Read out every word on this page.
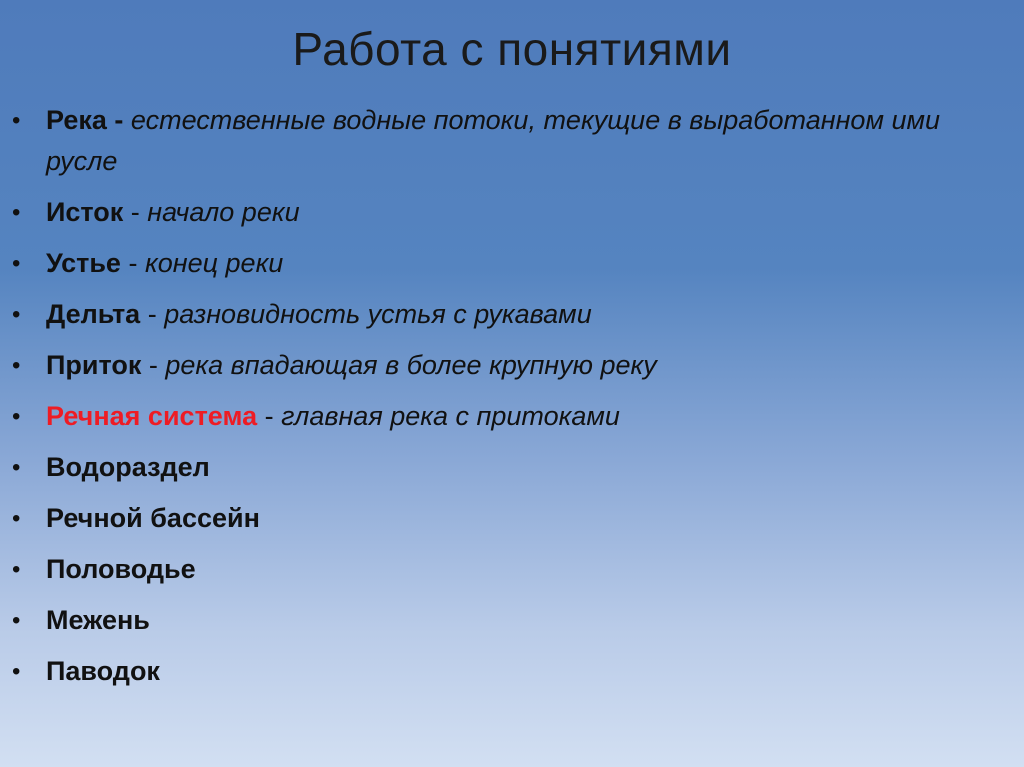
Работа с понятиями
• Река - естественные водные потоки, текущие в выработанном ими русле
• Исток - начало реки
• Устье - конец реки
• Дельта - разновидность устья с рукавами
• Приток - река впадающая в более крупную реку
• Речная система - главная река с притоками
• Водораздел
• Речной бассейн
• Половодье
• Межень
• Паводок
